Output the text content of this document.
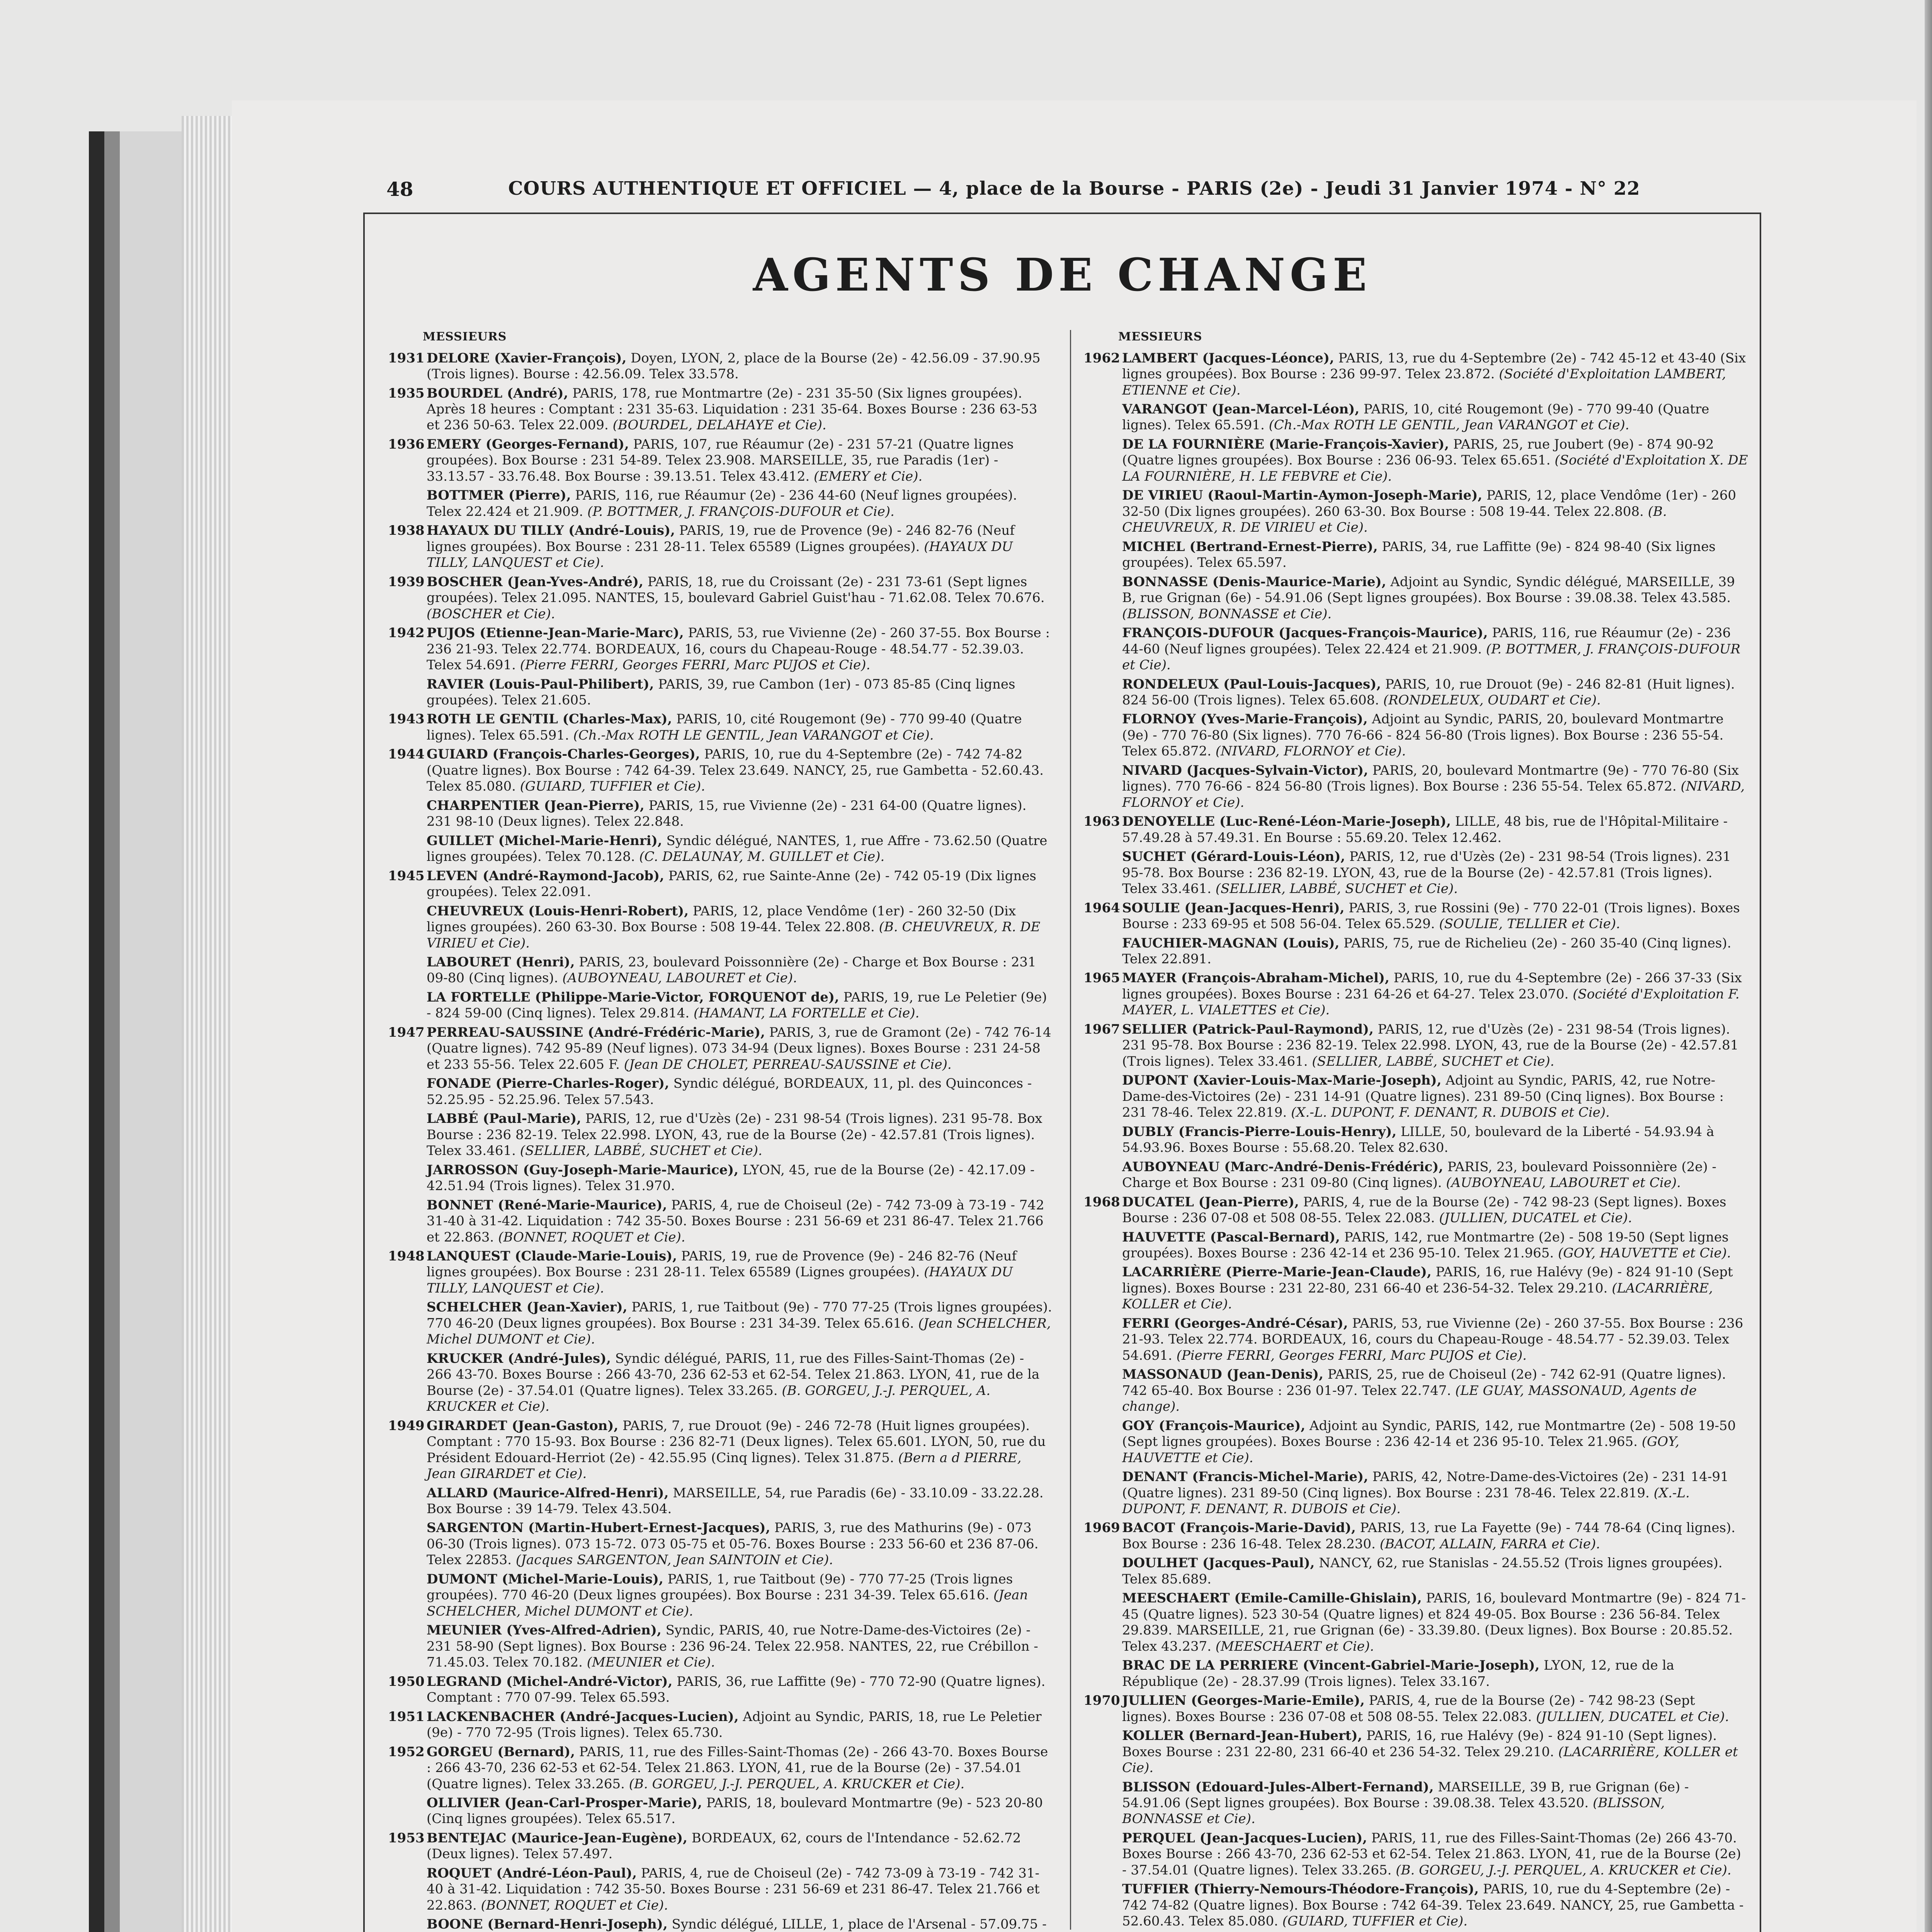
48	COURS AUTHENTIQUE ET OFFICIEL — 4, place de la Bourse - PARIS (2e) - Jeudi 31 Janvier 1974 - N° 22
AGENTS DE CHANGE
MESSIEURS
1931 DELORE (Xavier-François), Doyen, LYON, 2, place de la Bourse (2e) - 42.56.09 - 37.90.95 (Trois lignes). Bourse : 42.56.09. Telex 33.578.
1935 BOURDEL (André), PARIS, 178, rue Montmartre (2e) - 231 35-50 (Six lignes groupées). Après 18 heures : Comptant : 231 35-63. Liquidation : 231 35-64. Boxes Bourse : 236 63-53 et 236 50-63. Telex 22.009. (BOURDEL, DELAHAYE et Cie).
1936 EMERY (Georges-Fernand), PARIS, 107, rue Réaumur (2e) - 231 57-21 (Quatre lignes groupées). Box Bourse : 231 54-89. Telex 23.908. MARSEILLE, 35, rue Paradis (1er) - 33.13.57 - 33.76.48. Box Bourse : 39.13.51. Telex 43.412. (EMERY et Cie).
BOTTMER (Pierre), PARIS, 116, rue Réaumur (2e) - 236 44-60 (Neuf lignes groupées). Telex 22.424 et 21.909. (P. BOTTMER, J. FRANÇOIS-DUFOUR et Cie).
1938 HAYAUX DU TILLY (André-Louis), PARIS, 19, rue de Provence (9e) - 246 82-76 (Neuf lignes groupées). Box Bourse : 231 28-11. Telex 65589 (Lignes groupées). (HAYAUX DU TILLY, LANQUEST et Cie).
1939 BOSCHER (Jean-Yves-André), PARIS, 18, rue du Croissant (2e) - 231 73-61 (Sept lignes groupées). Telex 21.095. NANTES, 15, boulevard Gabriel Guist'hau - 71.62.08. Telex 70.676. (BOSCHER et Cie).
1942 PUJOS (Etienne-Jean-Marie-Marc), PARIS, 53, rue Vivienne (2e) - 260 37-55. Box Bourse : 236 21-93. Telex 22.774. BORDEAUX, 16, cours du Chapeau-Rouge - 48.54.77 - 52.39.03. Telex 54.691. (Pierre FERRI, Georges FERRI, Marc PUJOS et Cie).
RAVIER (Louis-Paul-Philibert), PARIS, 39, rue Cambon (1er) - 073 85-85 (Cinq lignes groupées). Telex 21.605.
1943 ROTH LE GENTIL (Charles-Max), PARIS, 10, cité Rougemont (9e) - 770 99-40 (Quatre lignes). Telex 65.591. (Ch.-Max ROTH LE GENTIL, Jean VARANGOT et Cie).
1944 GUIARD (François-Charles-Georges), PARIS, 10, rue du 4-Septembre (2e) - 742 74-82 (Quatre lignes). Box Bourse : 742 64-39. Telex 23.649. NANCY, 25, rue Gambetta - 52.60.43. Telex 85.080. (GUIARD, TUFFIER et Cie).
CHARPENTIER (Jean-Pierre), PARIS, 15, rue Vivienne (2e) - 231 64-00 (Quatre lignes). 231 98-10 (Deux lignes). Telex 22.848.
GUILLET (Michel-Marie-Henri), Syndic délégué, NANTES, 1, rue Affre - 73.62.50 (Quatre lignes groupées). Telex 70.128. (C. DELAUNAY, M. GUILLET et Cie).
1945 LEVEN (André-Raymond-Jacob), PARIS, 62, rue Sainte-Anne (2e) - 742 05-19 (Dix lignes groupées). Telex 22.091.
CHEUVREUX (Louis-Henri-Robert), PARIS, 12, place Vendôme (1er) - 260 32-50 (Dix lignes groupées). 260 63-30. Box Bourse : 508 19-44. Telex 22.808. (B. CHEUVREUX, R. DE VIRIEU et Cie).
LABOURET (Henri), PARIS, 23, boulevard Poissonnière (2e) - Charge et Box Bourse : 231 09-80 (Cinq lignes). (AUBOYNEAU, LABOURET et Cie).
LA FORTELLE (Philippe-Marie-Victor, FORQUENOT de), PARIS, 19, rue Le Peletier (9e) - 824 59-00 (Cinq lignes). Telex 29.814. (HAMANT, LA FORTELLE et Cie).
1947 PERREAU-SAUSSINE (André-Frédéric-Marie), PARIS, 3, rue de Gramont (2e) - 742 76-14 (Quatre lignes). 742 95-89 (Neuf lignes). 073 34-94 (Deux lignes). Boxes Bourse : 231 24-58 et 233 55-56. Telex 22.605 F. (Jean DE CHOLET, PERREAU-SAUSSINE et Cie).
FONADE (Pierre-Charles-Roger), Syndic délégué, BORDEAUX, 11, pl. des Quinconces - 52.25.95 - 52.25.96. Telex 57.543.
LABBÉ (Paul-Marie), PARIS, 12, rue d'Uzès (2e) - 231 98-54 (Trois lignes). 231 95-78. Box Bourse : 236 82-19. Telex 22.998. LYON, 43, rue de la Bourse (2e) - 42.57.81 (Trois lignes). Telex 33.461. (SELLIER, LABBÉ, SUCHET et Cie).
JARROSSON (Guy-Joseph-Marie-Maurice), LYON, 45, rue de la Bourse (2e) - 42.17.09 - 42.51.94 (Trois lignes). Telex 31.970.
BONNET (René-Marie-Maurice), PARIS, 4, rue de Choiseul (2e) - 742 73-09 à 73-19 - 742 31-40 à 31-42. Liquidation : 742 35-50. Boxes Bourse : 231 56-69 et 231 86-47. Telex 21.766 et 22.863. (BONNET, ROQUET et Cie).
1948 LANQUEST (Claude-Marie-Louis), PARIS, 19, rue de Provence (9e) - 246 82-76 (Neuf lignes groupées). Box Bourse : 231 28-11. Telex 65589 (Lignes groupées). (HAYAUX DU TILLY, LANQUEST et Cie).
SCHELCHER (Jean-Xavier), PARIS, 1, rue Taitbout (9e) - 770 77-25 (Trois lignes groupées). 770 46-20 (Deux lignes groupées). Box Bourse : 231 34-39. Telex 65.616. (Jean SCHELCHER, Michel DUMONT et Cie).
KRUCKER (André-Jules), Syndic délégué, PARIS, 11, rue des Filles-Saint-Thomas (2e) - 266 43-70. Boxes Bourse : 266 43-70, 236 62-53 et 62-54. Telex 21.863. LYON, 41, rue de la Bourse (2e) - 37.54.01 (Quatre lignes). Telex 33.265. (B. GORGEU, J.-J. PERQUEL, A. KRUCKER et Cie).
1949 GIRARDET (Jean-Gaston), PARIS, 7, rue Drouot (9e) - 246 72-78 (Huit lignes groupées). Comptant : 770 15-93. Box Bourse : 236 82-71 (Deux lignes). Telex 65.601. LYON, 50, rue du Président Edouard-Herriot (2e) - 42.55.95 (Cinq lignes). Telex 31.875. (Bern a d PIERRE, Jean GIRARDET et Cie).
ALLARD (Maurice-Alfred-Henri), MARSEILLE, 54, rue Paradis (6e) - 33.10.09 - 33.22.28. Box Bourse : 39 14-79. Telex 43.504.
SARGENTON (Martin-Hubert-Ernest-Jacques), PARIS, 3, rue des Mathurins (9e) - 073 06-30 (Trois lignes). 073 15-72. 073 05-75 et 05-76. Boxes Bourse : 233 56-60 et 236 87-06. Telex 22853. (Jacques SARGENTON, Jean SAINTOIN et Cie).
DUMONT (Michel-Marie-Louis), PARIS, 1, rue Taitbout (9e) - 770 77-25 (Trois lignes groupées). 770 46-20 (Deux lignes groupées). Box Bourse : 231 34-39. Telex 65.616. (Jean SCHELCHER, Michel DUMONT et Cie).
MEUNIER (Yves-Alfred-Adrien), Syndic, PARIS, 40, rue Notre-Dame-des-Victoires (2e) - 231 58-90 (Sept lignes). Box Bourse : 236 96-24. Telex 22.958. NANTES, 22, rue Crébillon - 71.45.03. Telex 70.182. (MEUNIER et Cie).
1950 LEGRAND (Michel-André-Victor), PARIS, 36, rue Laffitte (9e) - 770 72-90 (Quatre lignes). Comptant : 770 07-99. Telex 65.593.
1951 LACKENBACHER (André-Jacques-Lucien), Adjoint au Syndic, PARIS, 18, rue Le Peletier (9e) - 770 72-95 (Trois lignes). Telex 65.730.
1952 GORGEU (Bernard), PARIS, 11, rue des Filles-Saint-Thomas (2e) - 266 43-70. Boxes Bourse : 266 43-70, 236 62-53 et 62-54. Telex 21.863. LYON, 41, rue de la Bourse (2e) - 37.54.01 (Quatre lignes). Telex 33.265. (B. GORGEU, J.-J. PERQUEL, A. KRUCKER et Cie).
OLLIVIER (Jean-Carl-Prosper-Marie), PARIS, 18, boulevard Montmartre (9e) - 523 20-80 (Cinq lignes groupées). Telex 65.517.
1953 BENTEJAC (Maurice-Jean-Eugène), BORDEAUX, 62, cours de l'Intendance - 52.62.72 (Deux lignes). Telex 57.497.
ROQUET (André-Léon-Paul), PARIS, 4, rue de Choiseul (2e) - 742 73-09 à 73-19 - 742 31-40 à 31-42. Liquidation : 742 35-50. Boxes Bourse : 231 56-69 et 231 86-47. Telex 21.766 et 22.863. (BONNET, ROQUET et Cie).
BOONE (Bernard-Henri-Joseph), Syndic délégué, LILLE, 1, place de l'Arsenal - 57.09.75 -
MESSIEURS
1962 LAMBERT (Jacques-Léonce), PARIS, 13, rue du 4-Septembre (2e) - 742 45-12 et 43-40 (Six lignes groupées). Box Bourse : 236 99-97. Telex 23.872. (Société d'Exploitation LAMBERT, ETIENNE et Cie).
VARANGOT (Jean-Marcel-Léon), PARIS, 10, cité Rougemont (9e) - 770 99-40 (Quatre lignes). Telex 65.591. (Ch.-Max ROTH LE GENTIL, Jean VARANGOT et Cie).
DE LA FOURNIÈRE (Marie-François-Xavier), PARIS, 25, rue Joubert (9e) - 874 90-92 (Quatre lignes groupées). Box Bourse : 236 06-93. Telex 65.651. (Société d'Exploitation X. DE LA FOURNIÈRE, H. LE FEBVRE et Cie).
DE VIRIEU (Raoul-Martin-Aymon-Joseph-Marie), PARIS, 12, place Vendôme (1er) - 260 32-50 (Dix lignes groupées). 260 63-30. Box Bourse : 508 19-44. Telex 22.808. (B. CHEUVREUX, R. DE VIRIEU et Cie).
MICHEL (Bertrand-Ernest-Pierre), PARIS, 34, rue Laffitte (9e) - 824 98-40 (Six lignes groupées). Telex 65.597.
BONNASSE (Denis-Maurice-Marie), Adjoint au Syndic, Syndic délégué, MARSEILLE, 39 B, rue Grignan (6e) - 54.91.06 (Sept lignes groupées). Box Bourse : 39.08.38. Telex 43.585. (BLISSON, BONNASSE et Cie).
FRANÇOIS-DUFOUR (Jacques-François-Maurice), PARIS, 116, rue Réaumur (2e) - 236 44-60 (Neuf lignes groupées). Telex 22.424 et 21.909. (P. BOTTMER, J. FRANÇOIS-DUFOUR et Cie).
RONDELEUX (Paul-Louis-Jacques), PARIS, 10, rue Drouot (9e) - 246 82-81 (Huit lignes). 824 56-00 (Trois lignes). Telex 65.608. (RONDELEUX, OUDART et Cie).
FLORNOY (Yves-Marie-François), Adjoint au Syndic, PARIS, 20, boulevard Montmartre (9e) - 770 76-80 (Six lignes). 770 76-66 - 824 56-80 (Trois lignes). Box Bourse : 236 55-54. Telex 65.872. (NIVARD, FLORNOY et Cie).
NIVARD (Jacques-Sylvain-Victor), PARIS, 20, boulevard Montmartre (9e) - 770 76-80 (Six lignes). 770 76-66 - 824 56-80 (Trois lignes). Box Bourse : 236 55-54. Telex 65.872. (NIVARD, FLORNOY et Cie).
1963 DENOYELLE (Luc-René-Léon-Marie-Joseph), LILLE, 48 bis, rue de l'Hôpital-Militaire - 57.49.28 à 57.49.31. En Bourse : 55.69.20. Telex 12.462.
SUCHET (Gérard-Louis-Léon), PARIS, 12, rue d'Uzès (2e) - 231 98-54 (Trois lignes). 231 95-78. Box Bourse : 236 82-19. LYON, 43, rue de la Bourse (2e) - 42.57.81 (Trois lignes). Telex 33.461. (SELLIER, LABBÉ, SUCHET et Cie).
1964 SOULIE (Jean-Jacques-Henri), PARIS, 3, rue Rossini (9e) - 770 22-01 (Trois lignes). Boxes Bourse : 233 69-95 et 508 56-04. Telex 65.529. (SOULIE, TELLIER et Cie).
FAUCHIER-MAGNAN (Louis), PARIS, 75, rue de Richelieu (2e) - 260 35-40 (Cinq lignes). Telex 22.891.
1965 MAYER (François-Abraham-Michel), PARIS, 10, rue du 4-Septembre (2e) - 266 37-33 (Six lignes groupées). Boxes Bourse : 231 64-26 et 64-27. Telex 23.070. (Société d'Exploitation F. MAYER, L. VIALETTES et Cie).
1967 SELLIER (Patrick-Paul-Raymond), PARIS, 12, rue d'Uzès (2e) - 231 98-54 (Trois lignes). 231 95-78. Box Bourse : 236 82-19. Telex 22.998. LYON, 43, rue de la Bourse (2e) - 42.57.81 (Trois lignes). Telex 33.461. (SELLIER, LABBÉ, SUCHET et Cie).
DUPONT (Xavier-Louis-Max-Marie-Joseph), Adjoint au Syndic, PARIS, 42, rue Notre-Dame-des-Victoires (2e) - 231 14-91 (Quatre lignes). 231 89-50 (Cinq lignes). Box Bourse : 231 78-46. Telex 22.819. (X.-L. DUPONT, F. DENANT, R. DUBOIS et Cie).
DUBLY (Francis-Pierre-Louis-Henry), LILLE, 50, boulevard de la Liberté - 54.93.94 à 54.93.96. Boxes Bourse : 55.68.20. Telex 82.630.
AUBOYNEAU (Marc-André-Denis-Frédéric), PARIS, 23, boulevard Poissonnière (2e) - Charge et Box Bourse : 231 09-80 (Cinq lignes). (AUBOYNEAU, LABOURET et Cie).
1968 DUCATEL (Jean-Pierre), PARIS, 4, rue de la Bourse (2e) - 742 98-23 (Sept lignes). Boxes Bourse : 236 07-08 et 508 08-55. Telex 22.083. (JULLIEN, DUCATEL et Cie).
HAUVETTE (Pascal-Bernard), PARIS, 142, rue Montmartre (2e) - 508 19-50 (Sept lignes groupées). Boxes Bourse : 236 42-14 et 236 95-10. Telex 21.965. (GOY, HAUVETTE et Cie).
LACARRIÈRE (Pierre-Marie-Jean-Claude), PARIS, 16, rue Halévy (9e) - 824 91-10 (Sept lignes). Boxes Bourse : 231 22-80, 231 66-40 et 236-54-32. Telex 29.210. (LACARRIÈRE, KOLLER et Cie).
FERRI (Georges-André-César), PARIS, 53, rue Vivienne (2e) - 260 37-55. Box Bourse : 236 21-93. Telex 22.774. BORDEAUX, 16, cours du Chapeau-Rouge - 48.54.77 - 52.39.03. Telex 54.691. (Pierre FERRI, Georges FERRI, Marc PUJOS et Cie).
MASSONAUD (Jean-Denis), PARIS, 25, rue de Choiseul (2e) - 742 62-91 (Quatre lignes). 742 65-40. Box Bourse : 236 01-97. Telex 22.747. (LE GUAY, MASSONAUD, Agents de change).
GOY (François-Maurice), Adjoint au Syndic, PARIS, 142, rue Montmartre (2e) - 508 19-50 (Sept lignes groupées). Boxes Bourse : 236 42-14 et 236 95-10. Telex 21.965. (GOY, HAUVETTE et Cie).
DENANT (Francis-Michel-Marie), PARIS, 42, Notre-Dame-des-Victoires (2e) - 231 14-91 (Quatre lignes). 231 89-50 (Cinq lignes). Box Bourse : 231 78-46. Telex 22.819. (X.-L. DUPONT, F. DENANT, R. DUBOIS et Cie).
1969 BACOT (François-Marie-David), PARIS, 13, rue La Fayette (9e) - 744 78-64 (Cinq lignes). Box Bourse : 236 16-48. Telex 28.230. (BACOT, ALLAIN, FARRA et Cie).
DOULHET (Jacques-Paul), NANCY, 62, rue Stanislas - 24.55.52 (Trois lignes groupées). Telex 85.689.
MEESCHAERT (Emile-Camille-Ghislain), PARIS, 16, boulevard Montmartre (9e) - 824 71-45 (Quatre lignes). 523 30-54 (Quatre lignes) et 824 49-05. Box Bourse : 236 56-84. Telex 29.839. MARSEILLE, 21, rue Grignan (6e) - 33.39.80. (Deux lignes). Box Bourse : 20.85.52. Telex 43.237. (MEESCHAERT et Cie).
BRAC DE LA PERRIERE (Vincent-Gabriel-Marie-Joseph), LYON, 12, rue de la République (2e) - 28.37.99 (Trois lignes). Telex 33.167.
1970 JULLIEN (Georges-Marie-Emile), PARIS, 4, rue de la Bourse (2e) - 742 98-23 (Sept lignes). Boxes Bourse : 236 07-08 et 508 08-55. Telex 22.083. (JULLIEN, DUCATEL et Cie).
KOLLER (Bernard-Jean-Hubert), PARIS, 16, rue Halévy (9e) - 824 91-10 (Sept lignes). Boxes Bourse : 231 22-80, 231 66-40 et 236 54-32. Telex 29.210. (LACARRIÈRE, KOLLER et Cie).
BLISSON (Edouard-Jules-Albert-Fernand), MARSEILLE, 39 B, rue Grignan (6e) - 54.91.06 (Sept lignes groupées). Box Bourse : 39.08.38. Telex 43.520. (BLISSON, BONNASSE et Cie).
PERQUEL (Jean-Jacques-Lucien), PARIS, 11, rue des Filles-Saint-Thomas (2e) 266 43-70. Boxes Bourse : 266 43-70, 236 62-53 et 62-54. Telex 21.863. LYON, 41, rue de la Bourse (2e) - 37.54.01 (Quatre lignes). Telex 33.265. (B. GORGEU, J.-J. PERQUEL, A. KRUCKER et Cie).
TUFFIER (Thierry-Nemours-Théodore-François), PARIS, 10, rue du 4-Septembre (2e) - 742 74-82 (Quatre lignes). Box Bourse : 742 64-39. Telex 23.649. NANCY, 25, rue Gambetta - 52.60.43. Telex 85.080. (GUIARD, TUFFIER et Cie).
